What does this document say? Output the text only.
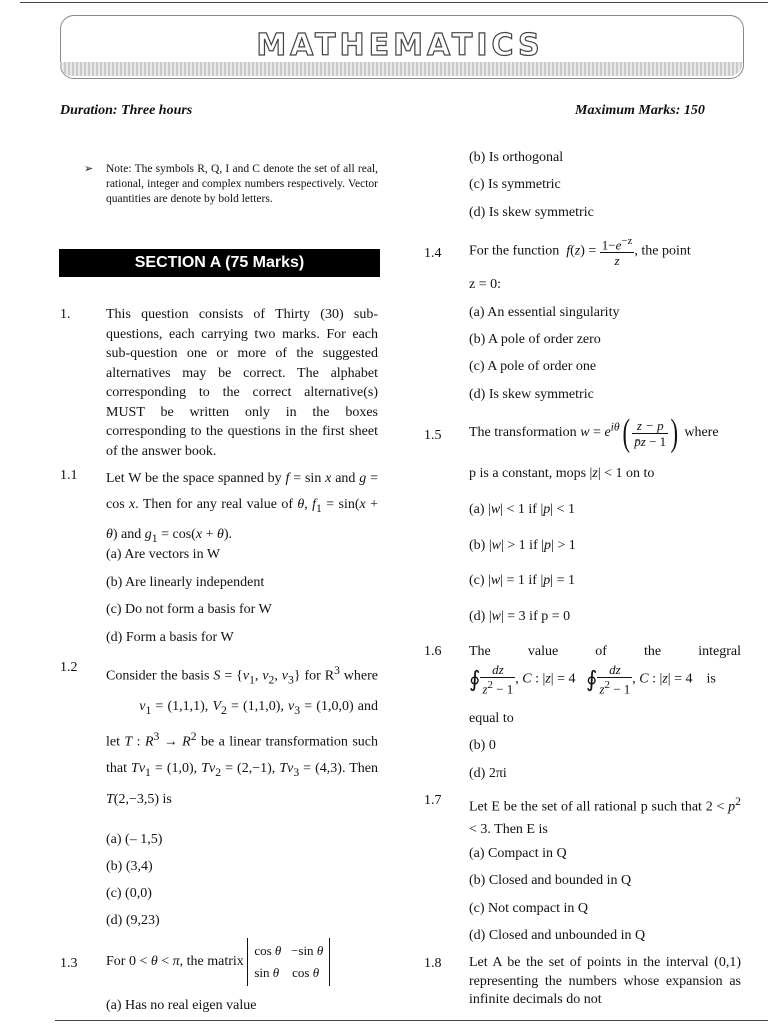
MATHEMATICS
Duration: Three hours	Maximum Marks: 150
➢ Note: The symbols R, Q, I and C denote the set of all real, rational, integer and complex numbers respectively. Vector quantities are denote by bold letters.
SECTION A (75 Marks)
1.	This question consists of Thirty (30) sub-questions, each carrying two marks. For each sub-question one or more of the suggested alternatives may be correct. The alphabet corresponding to the correct alternative(s) MUST be written only in the boxes corresponding to the questions in the first sheet of the answer book.
1.1 Let W be the space spanned by f = sin x and g = cos x. Then for any real value of θ, $f_1 = \sin(x + \theta)$ and $g_1 = \cos(x + \theta)$.
(a) Are vectors in W
(b) Are linearly independent
(c) Do not form a basis for W
(d) Form a basis for W
1.2
Consider the basis $S = \{v_1$, $v_2$, $v_3$} for $R^3$ where         $v_1 = (1,1,1)$, $V_2 = (1,1,0)$, $v_3 = (1,0,0)$ and let T : $R^3 \to R^2$ be a linear transformation such that $Tv_1 = (1,0)$, $Tv_2 = (2,-1)$, $Tv_3 = (4,3)$. Then T(2,−3,5) is
(a) (– 1,5)
(b) (3,4)
(c) (0,0)
(d) (9,23)
1.3 For 0 < θ < π, the matrix cos θ   −sin θ
sin θ    cos θ
(a) Has no real eigen value
(b) Is orthogonal
(c) Is symmetric
(d) Is skew symmetric
1.4 For the function  $f(z) = \frac{1-e^{-z}}{z}$ , the point
z = 0:
(a) An essential singularity
(b) A pole of order zero
(c) A pole of order one
(d) Is skew symmetric
1.5 The transformation $w = e^{i\theta}( \frac{z - p}{p̄z - 1}$ ) where
p is a constant, mops |z| < 1 on to
(a) |w| < 1 if |p| < 1
(b) |w| > 1 if |p| > 1
(c) |w| = 1 if |p| = 1
(d) |w| = 3 if p = 0
1.6 The    value    of    the    integral
∮ $\frac{dz}{z^2 - 1}$ , C : |z| = 4   ∮ $\frac{dz}{z^2 - 1}$ , C : |z| = 4    is
equal to
(b) 0
(d) 2πi
1.7 Let E be the set of all rational p such that $2 < p^2 < 3$. Then E is
(a) Compact in Q
(b) Closed and bounded in Q
(c) Not compact in Q
(d) Closed and unbounded in Q
1.8 Let A be the set of points in the interval (0,1) representing the numbers whose expansion as infinite decimals do not
